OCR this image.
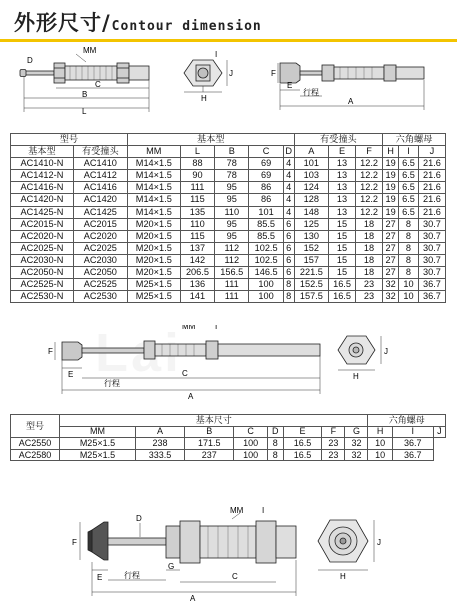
外形尺寸/Contour dimension
MM
D
C
B
L
J
H
I
F
E
行程
A
型号		基本型					有受撞头			六角螺母		
基本型	有受撞头	MM	L	B	C	D	A	E	F	H	I	J
AC1410-N	AC1410	M14×1.5	88	78	69	4	101	13	12.2	19	6.5	21.6
AC1412-N	AC1412	M14×1.5	90	78	69	4	103	13	12.2	19	6.5	21.6
AC1416-N	AC1416	M14×1.5	111	95	86	4	124	13	12.2	19	6.5	21.6
AC1420-N	AC1420	M14×1.5	115	95	86	4	128	13	12.2	19	6.5	21.6
AC1425-N	AC1425	M14×1.5	135	110	101	4	148	13	12.2	19	6.5	21.6
AC2015-N	AC2015	M20×1.5	110	95	85.5	6	125	15	18	27	8	30.7
AC2020-N	AC2020	M20×1.5	115	95	85.5	6	130	15	18	27	8	30.7
AC2025-N	AC2025	M20×1.5	137	112	102.5	6	152	15	18	27	8	30.7
AC2030-N	AC2030	M20×1.5	142	112	102.5	6	157	15	18	27	8	30.7
AC2050-N	AC2050	M20×1.5	206.5	156.5	146.5	6	221.5	15	18	27	8	30.7
AC2525-N	AC2525	M25×1.5	136	111	100	8	152.5	16.5	23	32	10	36.7
AC2530-N	AC2530	M25×1.5	141	111	100	8	157.5	16.5	23	32	10	36.7
MM I
F
E
行程
C
A
J
H
型号	基本尺寸								六角螺母		
	MM	A	B	C	D	E	F	G	H	I	J
AC2550	M25×1.5	238	171.5	100	8	16.5	23	32	10	36.7	
AC2580	M25×1.5	333.5	237	100	8	16.5	23	32	10	36.7	
MM
D
I
F
E	行程
G
C
A
J
H
